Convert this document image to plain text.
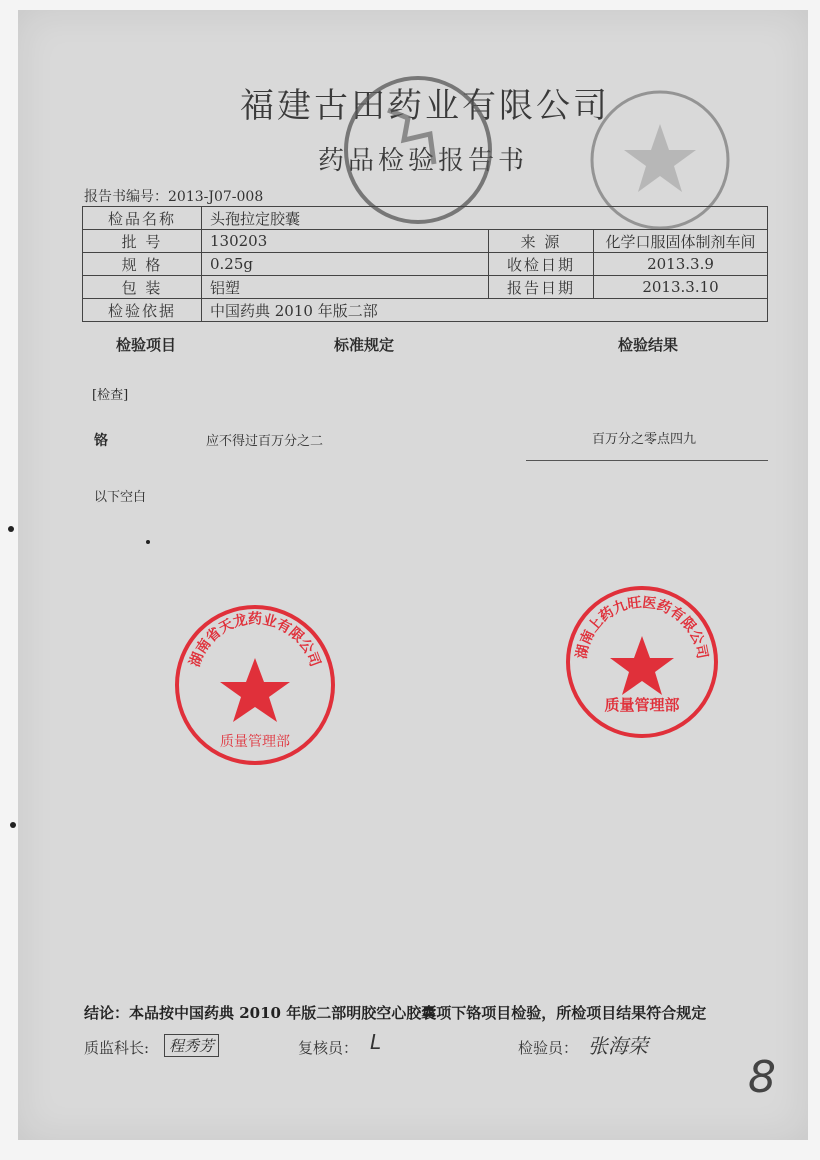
福建古田药业有限公司
药品检验报告书
报告书编号：2013-J07-008
检品名称	头孢拉定胶囊		
批 号	130203	来 源	化学口服固体制剂车间
规 格	0.25g	收检日期	2013.3.9
包 装	铝塑	报告日期	2013.3.10
检验依据	中国药典 2010 年版二部		
检验项目	标准规定	检验结果
[检查]
铬	应不得过百万分之二	百万分之零点四九
以下空白
湖南省天龙药业有限公司
质量管理部
湖南上药九旺医药有限公司
质量管理部
结论：本品按中国药典 2010 年版二部明胶空心胶囊项下铬项目检验，所检项目结果符合规定
质监科长:	程秀芳	复核员： L	检验员： 张海荣
8
